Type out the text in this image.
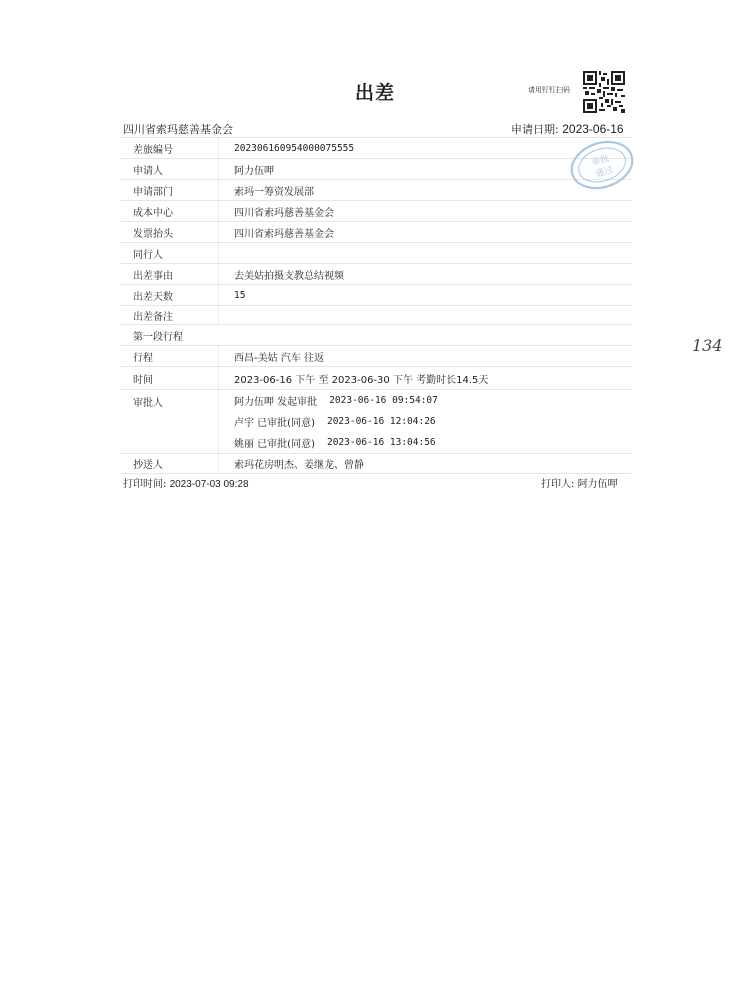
出差	请用钉钉扫码
四川省索玛慈善基金会	申请日期: 2023-06-16
差旅编号	202306160954000075555
申请人	阿力伍呷
申请部门	索玛一筹资发展部
成本中心	四川省索玛慈善基金会
发票抬头	四川省索玛慈善基金会
同行人
出差事由	去美姑拍摄支教总结视频
出差天数	15
出差备注
第一段行程
行程	西昌-美姑 汽车 往返
时间	2023-06-16 下午 至 2023-06-30 下午 考勤时长14.5天
审批人	阿力伍呷 发起审批 2023-06-16 09:54:07
卢宇 已审批(同意) 2023-06-16 12:04:26
姚丽 已审批(同意) 2023-06-16 13:04:56
抄送人	索玛花房明杰、姜继龙、曾静
审批
通过
打印时间: 2023-07-03 09:28	打印人: 阿力伍呷
134
